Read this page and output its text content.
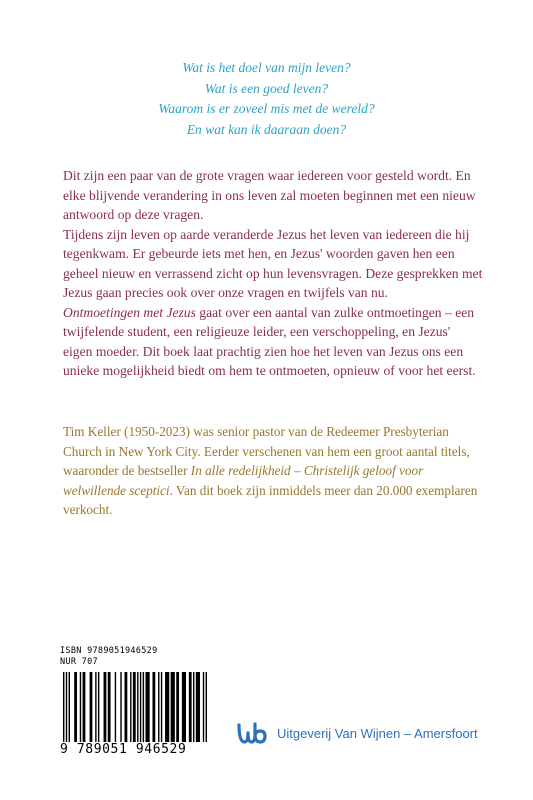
Wat is het doel van mijn leven?
Wat is een goed leven?
Waarom is er zoveel mis met de wereld?
En wat kan ik daaraan doen?

Dit zijn een paar van de grote vragen waar iedereen voor gesteld wordt. En elke blijvende verandering in ons leven zal moeten beginnen met een nieuw antwoord op deze vragen.

Tijdens zijn leven op aarde veranderde Jezus het leven van iedereen die hij tegenkwam. Er gebeurde iets met hen, en Jezus' woorden gaven hen een geheel nieuw en verrassend zicht op hun levensvragen. Deze gesprekken met Jezus gaan precies ook over onze vragen en twijfels van nu.

Ontmoetingen met Jezus gaat over een aantal van zulke ontmoetingen – een twijfelende student, een religieuze leider, een verschoppeling, en Jezus' eigen moeder. Dit boek laat prachtig zien hoe het leven van Jezus ons een unieke mogelijkheid biedt om hem te ontmoeten, opnieuw of voor het eerst.

Tim Keller (1950-2023) was senior pastor van de Redeemer Presbyterian Church in New York City. Eerder verschenen van hem een groot aantal titels, waaronder de bestseller In alle redelijkheid – Christelijk geloof voor welwillende sceptici. Van dit boek zijn inmiddels meer dan 20.000 exemplaren verkocht.

ISBN 9789051946529
NUR 707
9 789051 946529
Uitgeverij Van Wijnen – Amersfoort
